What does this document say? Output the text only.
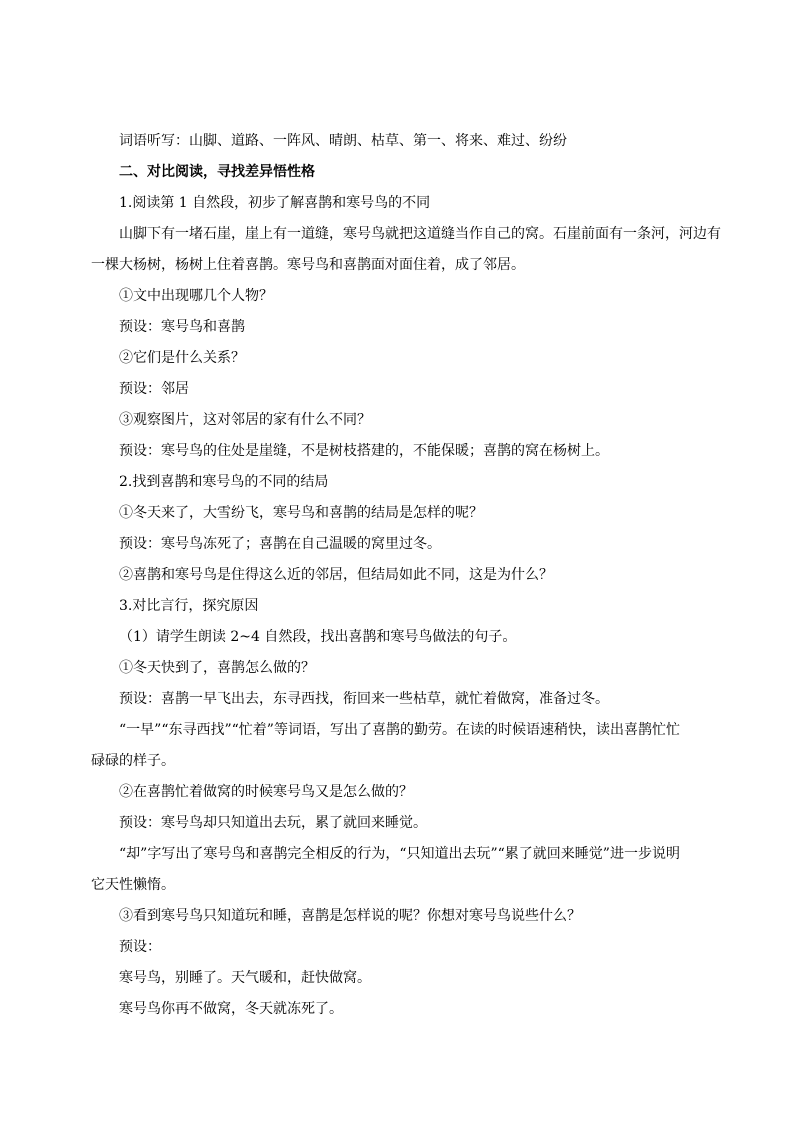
词语听写：山脚、道路、一阵风、晴朗、枯草、第一、将来、难过、纷纷

二、对比阅读，寻找差异悟性格

1.阅读第 1 自然段，初步了解喜鹊和寒号鸟的不同

山脚下有一堵石崖，崖上有一道缝，寒号鸟就把这道缝当作自己的窝。石崖前面有一条河，河边有

一棵大杨树，杨树上住着喜鹊。寒号鸟和喜鹊面对面住着，成了邻居。

①文中出现哪几个人物？

预设：寒号鸟和喜鹊

②它们是什么关系？

预设：邻居

③观察图片，这对邻居的家有什么不同？

预设：寒号鸟的住处是崖缝，不是树枝搭建的，不能保暖；喜鹊的窝在杨树上。

2.找到喜鹊和寒号鸟的不同的结局

①冬天来了，大雪纷飞，寒号鸟和喜鹊的结局是怎样的呢？

预设：寒号鸟冻死了；喜鹊在自己温暖的窝里过冬。

②喜鹊和寒号鸟是住得这么近的邻居，但结局如此不同，这是为什么？

3.对比言行，探究原因

（1）请学生朗读 2~4 自然段，找出喜鹊和寒号鸟做法的句子。

①冬天快到了，喜鹊怎么做的？

预设：喜鹊一早飞出去，东寻西找，衔回来一些枯草，就忙着做窝，准备过冬。

“一早”“东寻西找”“忙着”等词语，写出了喜鹊的勤劳。在读的时候语速稍快，读出喜鹊忙忙

碌碌的样子。

②在喜鹊忙着做窝的时候寒号鸟又是怎么做的？

预设：寒号鸟却只知道出去玩，累了就回来睡觉。

“却”字写出了寒号鸟和喜鹊完全相反的行为，“只知道出去玩”“累了就回来睡觉”进一步说明

它天性懒惰。

③看到寒号鸟只知道玩和睡，喜鹊是怎样说的呢？你想对寒号鸟说些什么？

预设：

寒号鸟，别睡了。天气暖和，赶快做窝。

寒号鸟你再不做窝，冬天就冻死了。
